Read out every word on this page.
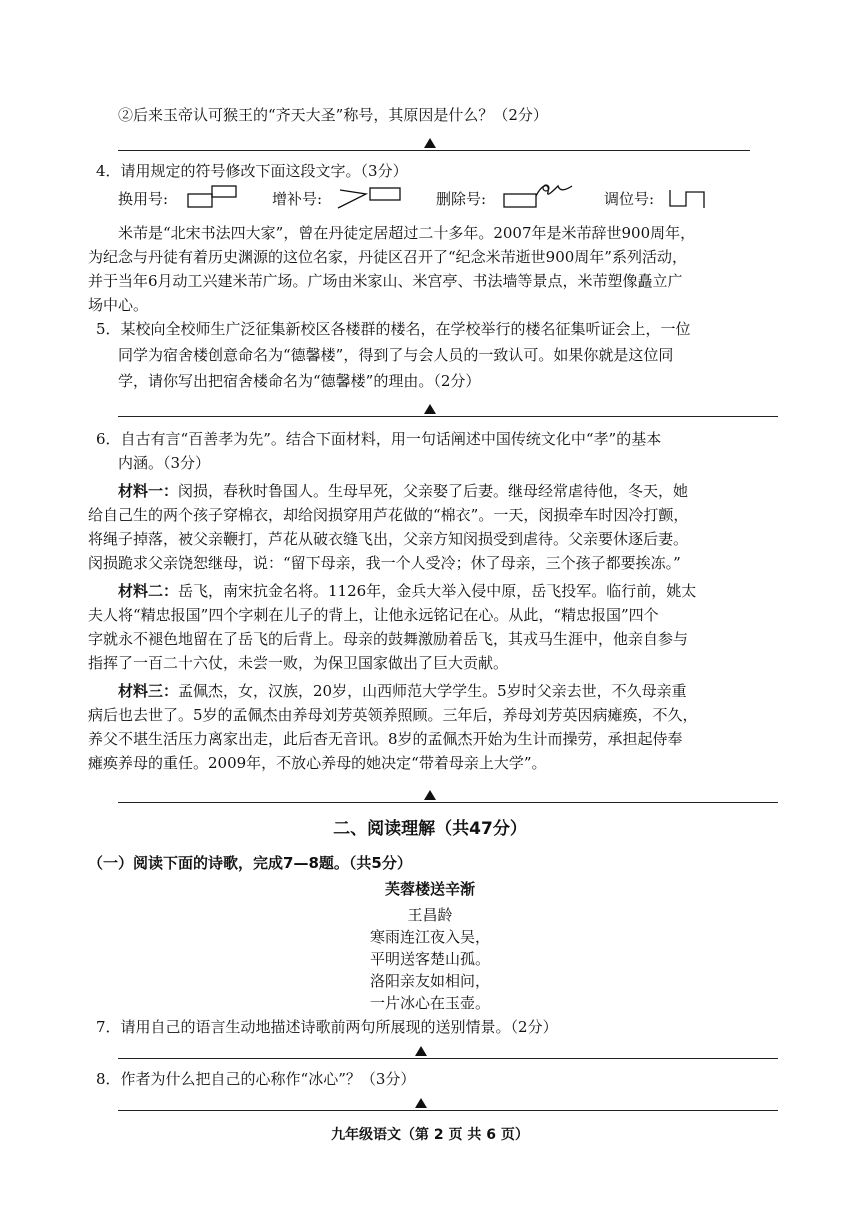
②后来玉帝认可猴王的“齐天大圣”称号，其原因是什么？（2分）
4．请用规定的符号修改下面这段文字。（3分）
换用号:	增补号:	删除号:	调位号:
米芾是“北宋书法四大家”，曾在丹徒定居超过二十多年。2007年是米芾辞世900周年，
为纪念与丹徒有着历史渊源的这位名家，丹徒区召开了“纪念米芾逝世900周年”系列活动，
并于当年6月动工兴建米芾广场。广场由米家山、米宫亭、书法墙等景点，米芾塑像矗立广
场中心。
5．某校向全校师生广泛征集新校区各楼群的楼名，在学校举行的楼名征集听证会上，一位
同学为宿舍楼创意命名为“德馨楼”，得到了与会人员的一致认可。如果你就是这位同
学，请你写出把宿舍楼命名为“德馨楼”的理由。（2分）
6．自古有言“百善孝为先”。结合下面材料，用一句话阐述中国传统文化中“孝”的基本
内涵。（3分）
材料一：闵损，春秋时鲁国人。生母早死，父亲娶了后妻。继母经常虐待他，冬天，她
给自己生的两个孩子穿棉衣，却给闵损穿用芦花做的“棉衣”。一天，闵损牵车时因冷打颤，
将绳子掉落，被父亲鞭打，芦花从破衣缝飞出，父亲方知闵损受到虐待。父亲要休逐后妻。
闵损跪求父亲饶恕继母，说：“留下母亲，我一个人受冷；休了母亲，三个孩子都要挨冻。”
材料二：岳飞，南宋抗金名将。1126年，金兵大举入侵中原，岳飞投军。临行前，姚太
夫人将“精忠报国”四个字刺在儿子的背上，让他永远铭记在心。从此，“精忠报国”四个
字就永不褪色地留在了岳飞的后背上。母亲的鼓舞激励着岳飞，其戎马生涯中，他亲自参与
指挥了一百二十六仗，未尝一败，为保卫国家做出了巨大贡献。
材料三：孟佩杰，女，汉族，20岁，山西师范大学学生。5岁时父亲去世，不久母亲重
病后也去世了。5岁的孟佩杰由养母刘芳英领养照顾。三年后，养母刘芳英因病瘫痪，不久，
养父不堪生活压力离家出走，此后杳无音讯。8岁的孟佩杰开始为生计而操劳，承担起侍奉
瘫痪养母的重任。2009年，不放心养母的她决定“带着母亲上大学”。
二、阅读理解（共47分）
（一）阅读下面的诗歌，完成7—8题。（共5分）
芙蓉楼送辛渐
王昌龄
寒雨连江夜入吴，
平明送客楚山孤。
洛阳亲友如相问，
一片冰心在玉壶。
7．请用自己的语言生动地描述诗歌前两句所展现的送别情景。（2分）
8．作者为什么把自己的心称作“冰心”？（3分）
九年级语文（第 2 页 共 6 页）
